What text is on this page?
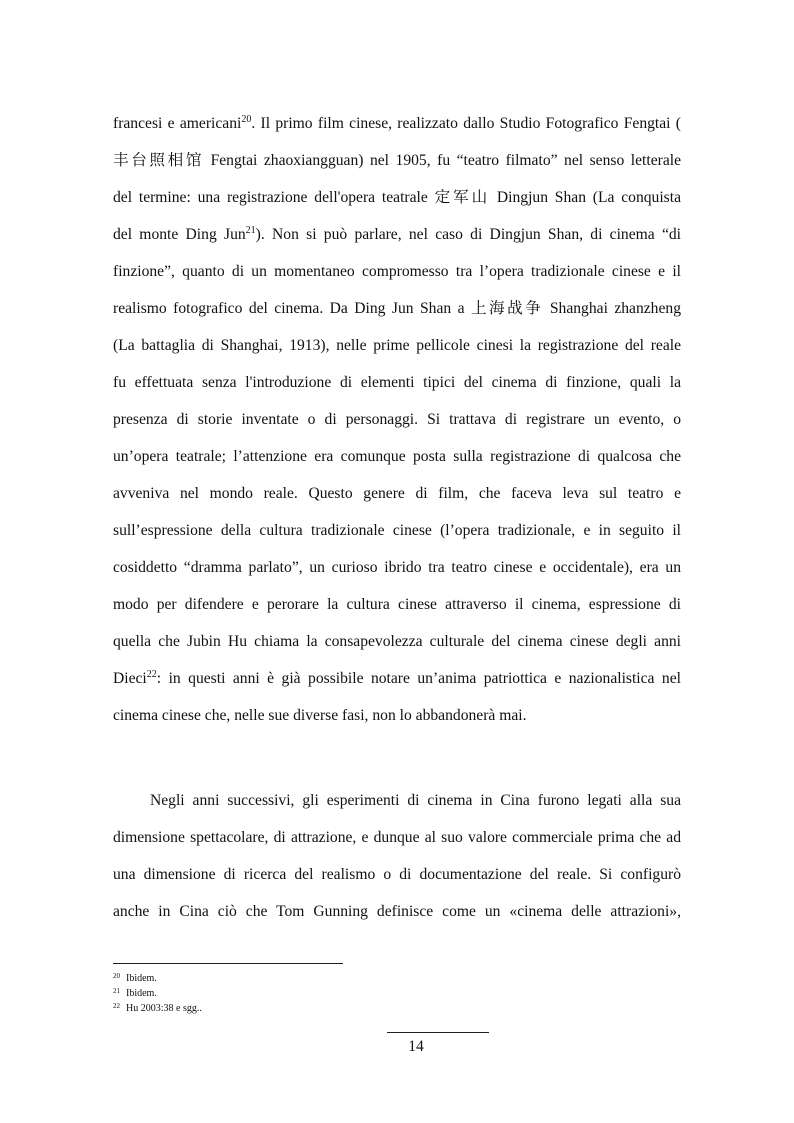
francesi e americani$^{20}$. Il primo film cinese, realizzato dallo Studio Fotografico Fengtai (
丰台照相馆 Fengtai zhaoxiangguan) nel 1905, fu “teatro filmato” nel senso letterale
del termine: una registrazione dell'opera teatrale 定军山 Dingjun Shan (La conquista
del monte Ding Jun$^{21}$). Non si può parlare, nel caso di Dingjun Shan, di cinema “di
finzione”, quanto di un momentaneo compromesso tra l’opera tradizionale cinese e il
realismo fotografico del cinema. Da Ding Jun Shan a 上海战争 Shanghai zhanzheng
(La battaglia di Shanghai, 1913), nelle prime pellicole cinesi la registrazione del reale
fu effettuata senza l'introduzione di elementi tipici del cinema di finzione, quali la
presenza di storie inventate o di personaggi. Si trattava di registrare un evento, o
un’opera teatrale; l’attenzione era comunque posta sulla registrazione di qualcosa che
avveniva nel mondo reale. Questo genere di film, che faceva leva sul teatro e
sull’espressione della cultura tradizionale cinese (l’opera tradizionale, e in seguito il
cosiddetto “dramma parlato”, un curioso ibrido tra teatro cinese e occidentale), era un
modo per difendere e perorare la cultura cinese attraverso il cinema, espressione di
quella che Jubin Hu chiama la consapevolezza culturale del cinema cinese degli anni
Dieci$^{22}$: in questi anni è già possibile notare un’anima patriottica e nazionalistica nel
cinema cinese che, nelle sue diverse fasi, non lo abbandonerà mai.
Negli anni successivi, gli esperimenti di cinema in Cina furono legati alla sua
dimensione spettacolare, di attrazione, e dunque al suo valore commerciale prima che ad
una dimensione di ricerca del realismo o di documentazione del reale. Si configurò
anche in Cina ciò che Tom Gunning definisce come un «cinema delle attrazioni»,
20 Ibidem.
21 Ibidem.
22 Hu 2003:38 e sgg..
14
